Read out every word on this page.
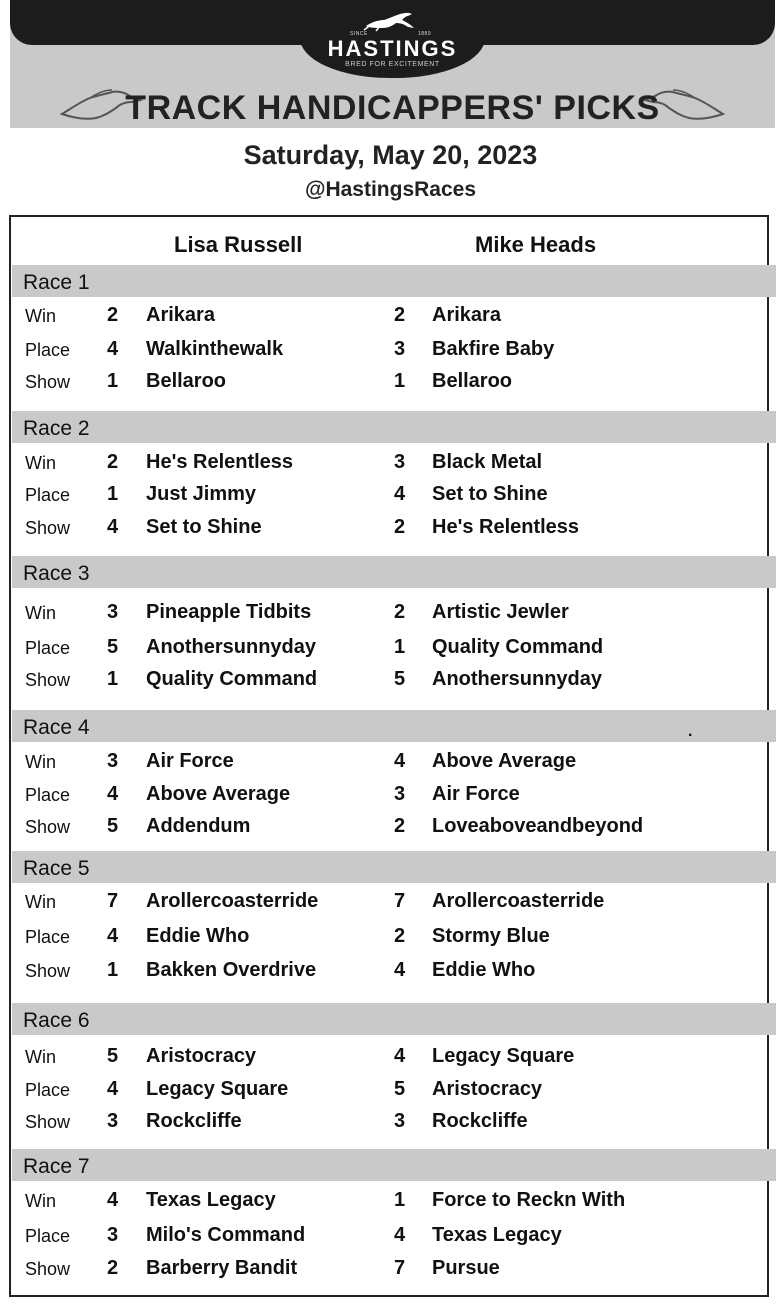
SINCE	1889
HASTINGS
BRED FOR EXCITEMENT
TRACK HANDICAPPERS' PICKS
Saturday, May 20, 2023
@HastingsRaces
Lisa Russell	Mike Heads
Race 1
Win	2 Arikara	2 Arikara
Place 4 Walkinthewalk	3 Bakfire Baby
Show 1 Bellaroo	1 Bellaroo
Race 2
Win	2 He's Relentless	3 Black Metal
Place 1 Just Jimmy	4 Set to Shine
Show 4 Set to Shine	2 He's Relentless
Race 3
Win	3 Pineapple Tidbits	2 Artistic Jewler
Place 5 Anothersunnyday	1 Quality Command
Show 1 Quality Command	5 Anothersunnyday
Race 4
Win	3 Air Force	4 Above Average
Place 4 Above Average	3 Air Force
Show 5 Addendum	2 Loveaboveandbeyond
Race 5
Win	7 Arollercoasterride	7 Arollercoasterride
Place 4 Eddie Who	2 Stormy Blue
Show 1 Bakken Overdrive	4 Eddie Who
Race 6
Win	5 Aristocracy	4 Legacy Square
Place 4 Legacy Square	5 Aristocracy
Show 3 Rockcliffe	3 Rockcliffe
Race 7
Win	4 Texas Legacy	1 Force to Reckn With
Place 3 Milo's Command	4 Texas Legacy
Show 2 Barberry Bandit	7 Pursue
.
